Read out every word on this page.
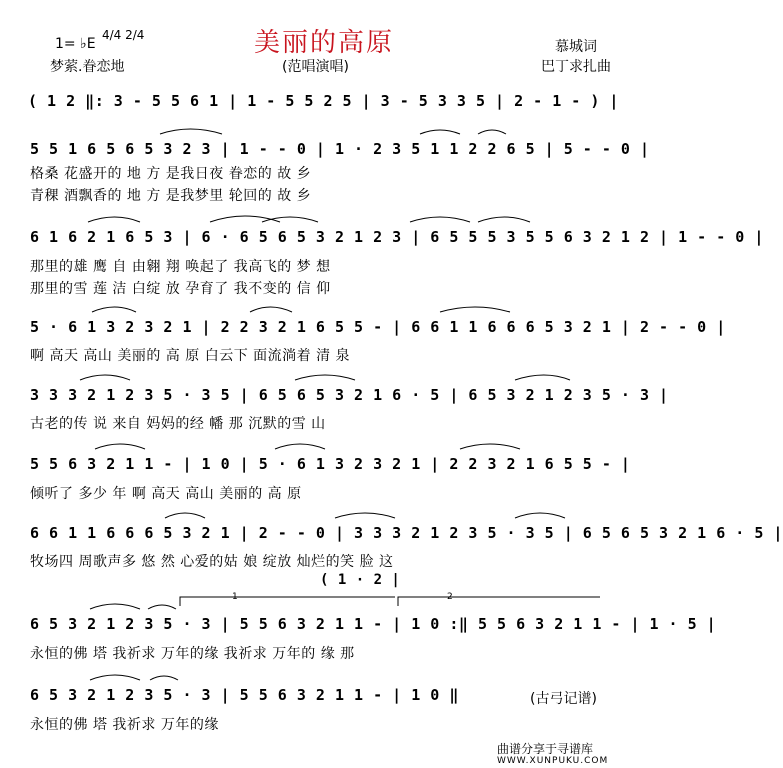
美丽的高原
1= ♭E
4/4 2/4
慕城词
梦萦.眷恋地	(范唱演唱)	巴丁求扎曲
( 1 2 ‖: 3 - 5 5 6 1 | 1 - 5 5 2 5 | 3 - 5 3 3 5 | 2 - 1 - ) |
5 5 1 6 5 6 5 3 2 3 | 1 - - 0 | 1 · 2 3 5 1 1 2 2 6 5 | 5 - - 0 |
格桑 花盛开的 地 方 是我日夜 眷恋的 故 乡
青稞 酒飘香的 地 方 是我梦里 轮回的 故 乡
6 1 6 2 1 6 5 3 | 6 · 6 5 6 5 3 2 1 2 3 | 6 5 5 5 3 5 5 6 3 2 1 2 | 1 - - 0 |
那里的雄 鹰 自 由翱 翔 唤起了 我高飞的 梦 想
那里的雪 莲 洁 白绽 放 孕育了 我不变的 信 仰
5 · 6 1 3 2 3 2 1 | 2 2 3 2 1 6 5 5 - | 6 6 1 1 6 6 6 5 3 2 1 | 2 - - 0 |
啊 高天 高山 美丽的 高 原 白云下 面流淌着 清 泉
3 3 3 2 1 2 3 5 · 3 5 | 6 5 6 5 3 2 1 6 · 5 | 6 5 3 2 1 2 3 5 · 3 |
古老的传 说 来自 妈妈的经 幡 那 沉默的雪 山
5 5 6 3 2 1 1 - | 1 0 | 5 · 6 1 3 2 3 2 1 | 2 2 3 2 1 6 5 5 - |
倾听了 多少 年 啊 高天 高山 美丽的 高 原
6 6 1 1 6 6 6 5 3 2 1 | 2 - - 0 | 3 3 3 2 1 2 3 5 · 3 5 | 6 5 6 5 3 2 1 6 · 5 |
牧场四 周歌声多 悠 然 心爱的姑 娘 绽放 灿烂的笑 脸 这
( 1 · 2 |
1	2
6 5 3 2 1 2 3 5 · 3 | 5 5 6 3 2 1 1 - | 1 0 :‖ 5 5 6 3 2 1 1 - | 1 · 5 |
永恒的佛 塔 我祈求 万年的缘 我祈求 万年的 缘 那
6 5 3 2 1 2 3 5 · 3 | 5 5 6 3 2 1 1 - | 1 0 ‖
永恒的佛 塔 我祈求 万年的缘
(古弓记谱)
曲谱分享于寻谱库
WWW.XUNPUKU.COM
